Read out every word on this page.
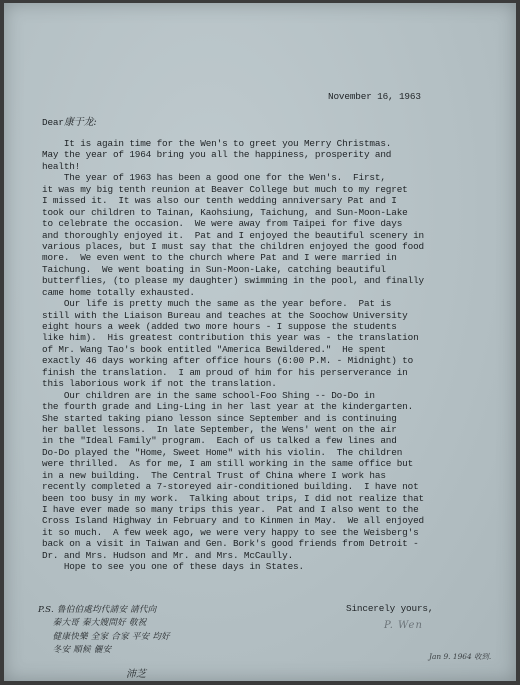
November 16, 1963
Dear康于龙:
It is again time for the Wen's to greet you Merry Christmas.
May the year of 1964 bring you all the happiness, prosperity and
health!
The year of 1963 has been a good one for the Wen's.  First,
it was my big tenth reunion at Beaver College but much to my regret
I missed it.  It was also our tenth wedding anniversary Pat and I
took our children to Tainan, Kaohsiung, Taichung, and Sun-Moon-Lake
to celebrate the occasion.  We were away from Taipei for five days
and thoroughly enjoyed it.  Pat and I enjoyed the beautiful scenery in
various places, but I must say that the children enjoyed the good food
more.  We even went to the church where Pat and I were married in
Taichung.  We went boating in Sun-Moon-Lake, catching beautiful
butterflies, (to please my daughter) swimming in the pool, and finally
came home totally exhausted.
Our life is pretty much the same as the year before.  Pat is
still with the Liaison Bureau and teaches at the Soochow University
eight hours a week (added two more hours - I suppose the students
like him).  His greatest contribution this year was - the translation
of Mr. Wang Tao's book entitled "America Bewildered."  He spent
exactly 46 days working after office hours (6:00 P.M. - Midnight) to
finish the translation.  I am proud of him for his perserverance in
this laborious work if not the translation.
Our children are in the same school-Foo Shing -- Do-Do in
the fourth grade and Ling-Ling in her last year at the kindergarten.
She started taking piano lesson since September and is continuing
her ballet lessons.  In late September, the Wens' went on the air
in the "Ideal Family" program.  Each of us talked a few lines and
Do-Do played the "Home, Sweet Home" with his violin.  The children
were thrilled.  As for me, I am still working in the same office but
in a new building.  The Central Trust of China where I work has
recently completed a 7-storeyed air-conditioned building.  I have not
been too busy in my work.  Talking about trips, I did not realize that
I have ever made so many trips this year.  Pat and I also went to the
Cross Island Highway in February and to Kinmen in May.  We all enjoyed
it so much.  A few week ago, we were very happy to see the Weisberg's
back on a visit in Taiwan and Gen. Bork's good friends from Detroit -
Dr. and Mrs. Hudson and Mr. and Mrs. McCaully.
Hope to see you one of these days in States.
Sincerely yours,
P. Wen
P.S. 鲁伯伯處均代請安 請代向
秦大哥 秦大嫂問好 敬祝
健康快樂 全家 合家 平安 均好
冬安 順候 儷安
沛芝
Jan 9. 1964 收到.
